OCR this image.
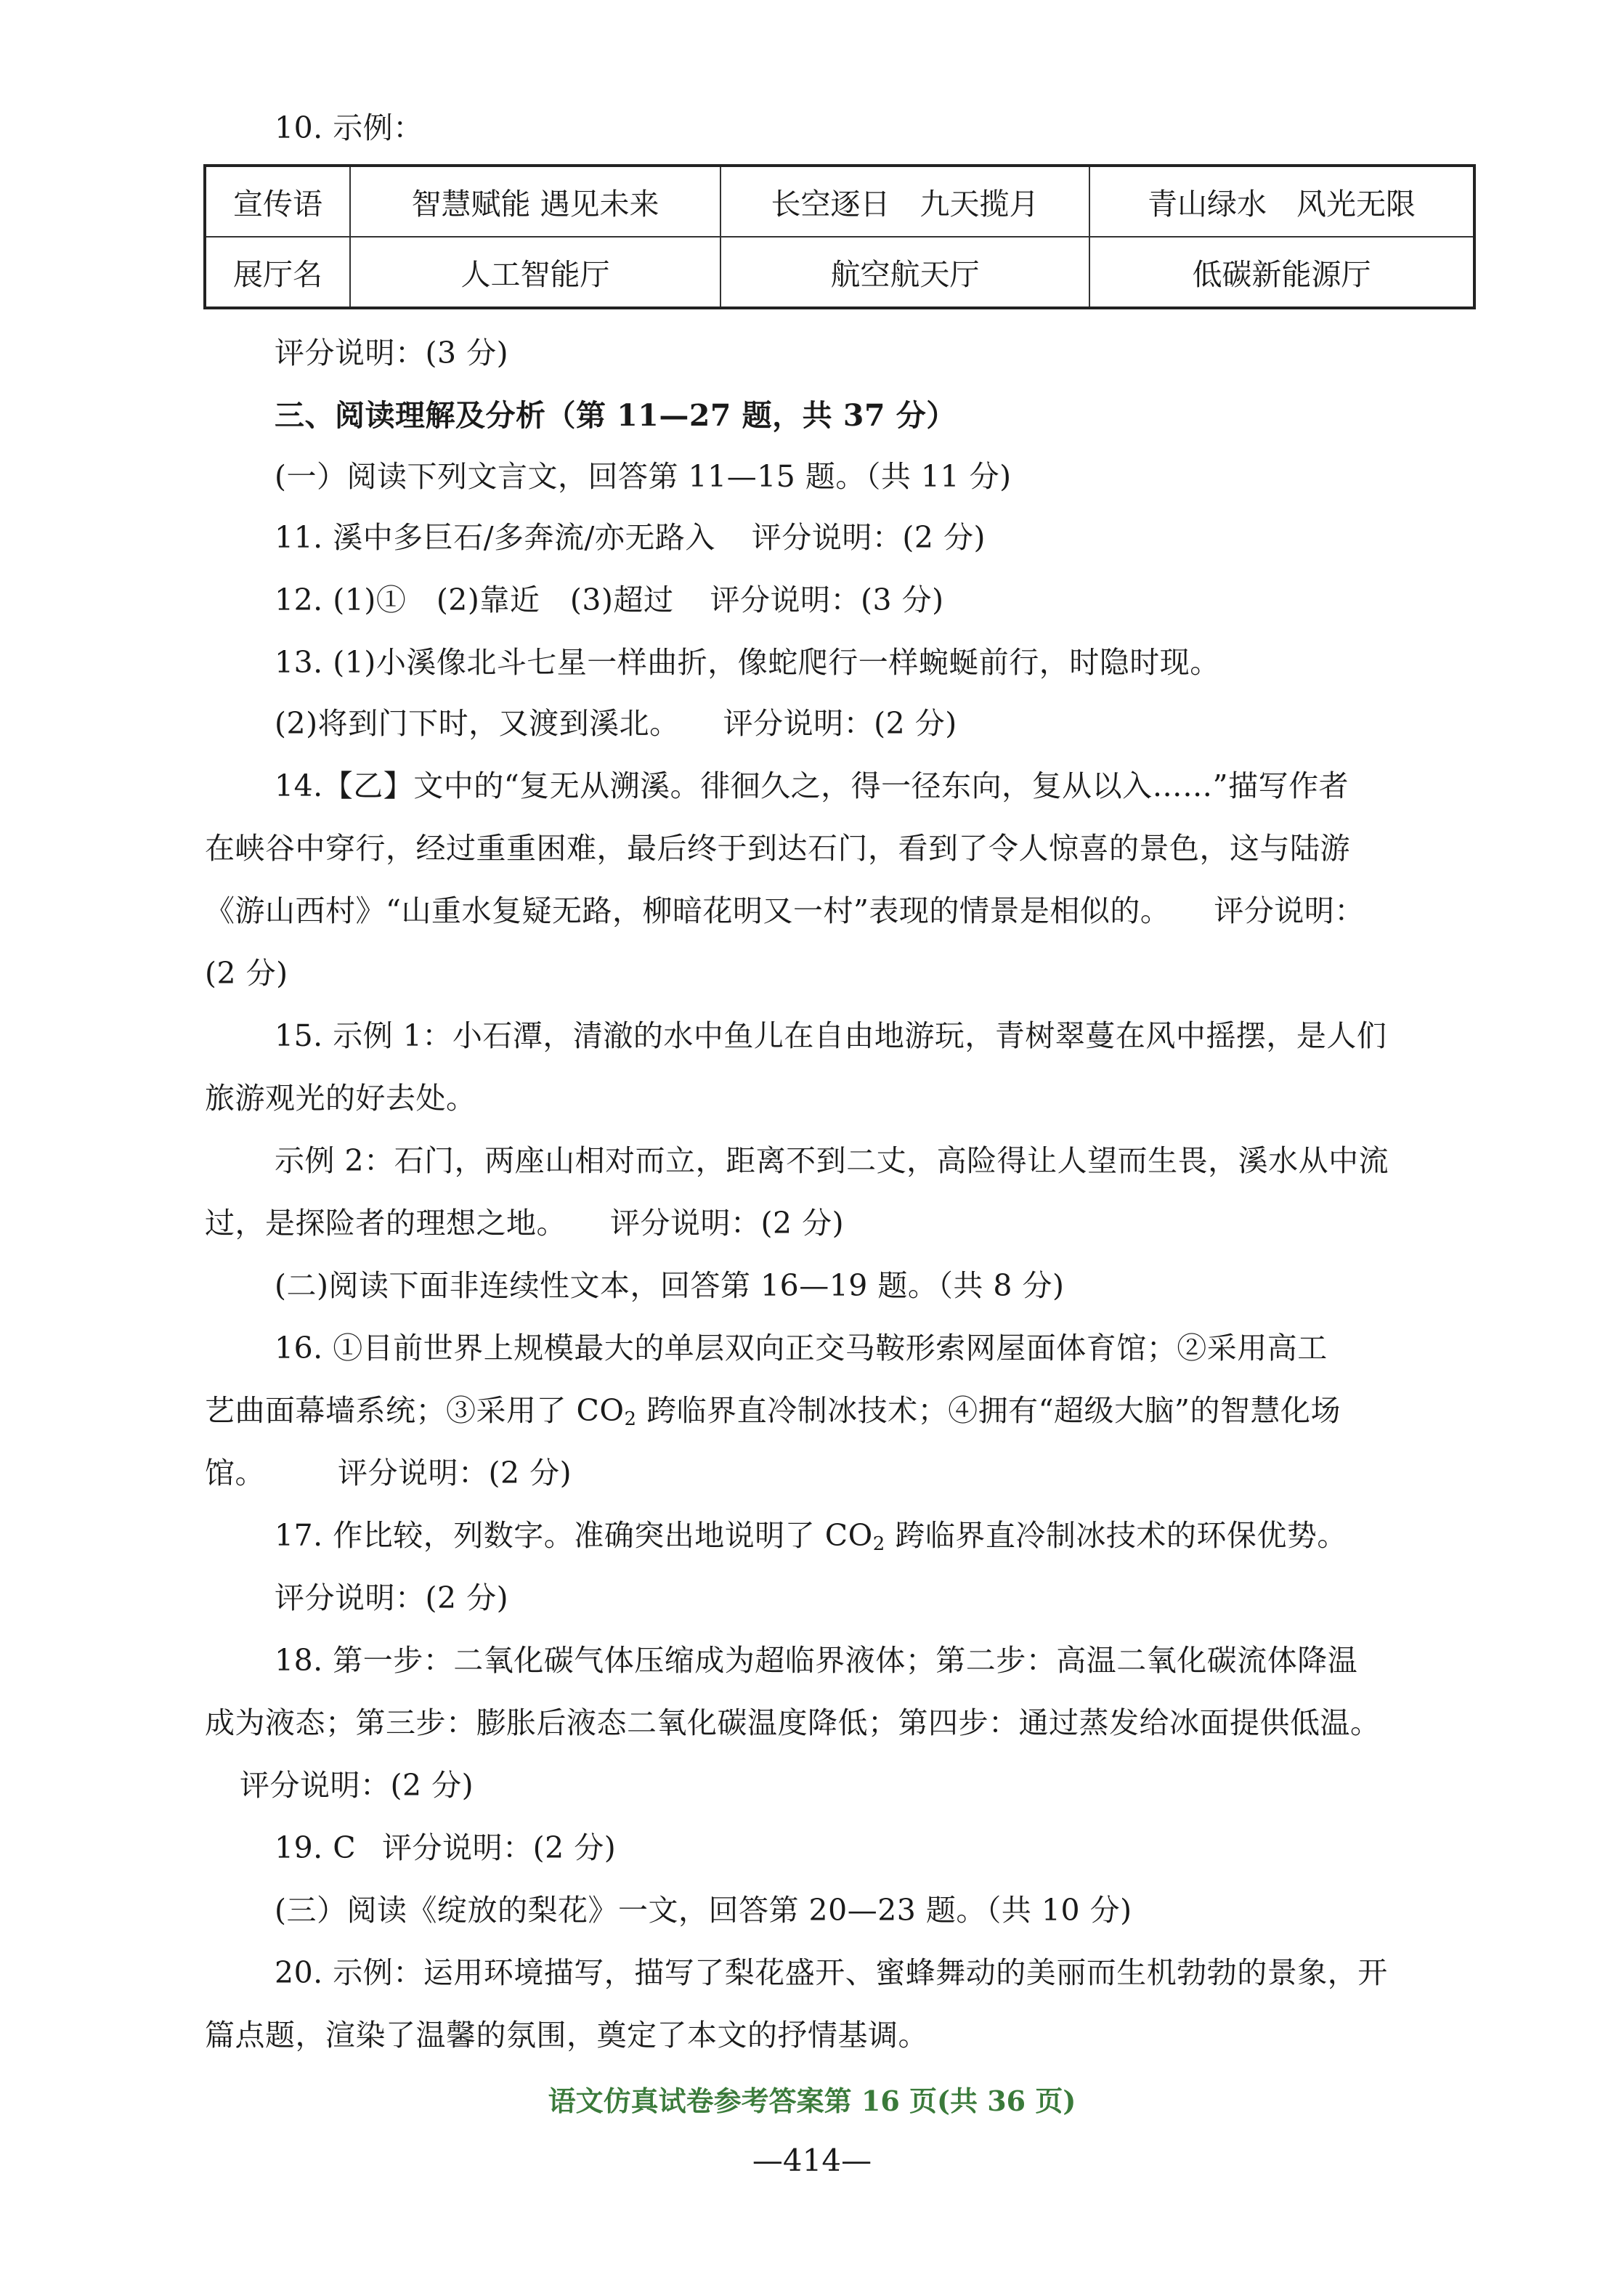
10. 示例：
宣传语	智慧赋能 遇见未来	长空逐日　九天揽月	青山绿水　风光无限
展厅名	人工智能厅	航空航天厅	低碳新能源厅
评分说明：(3 分)
三、阅读理解及分析（第 11—27 题，共 37 分）
(一）阅读下列文言文，回答第 11—15 题。（共 11 分)
11. 溪中多巨石/多奔流/亦无路入 评分说明：(2 分)
12. (1)①　(2)靠近　(3)超过 评分说明：(3 分)
13. (1)小溪像北斗七星一样曲折，像蛇爬行一样蜿蜒前行，时隐时现。
(2)将到门下时，又渡到溪北。 评分说明：(2 分)
14.【乙】文中的“复无从溯溪。徘徊久之，得一径东向，复从以入……”描写作者
在峡谷中穿行，经过重重困难，最后终于到达石门，看到了令人惊喜的景色，这与陆游
《游山西村》“山重水复疑无路，柳暗花明又一村”表现的情景是相似的。 评分说明：
(2 分)
15. 示例 1：小石潭，清澈的水中鱼儿在自由地游玩，青树翠蔓在风中摇摆，是人们
旅游观光的好去处。
示例 2：石门，两座山相对而立，距离不到二丈，高险得让人望而生畏，溪水从中流
过，是探险者的理想之地。 评分说明：(2 分)
(二)阅读下面非连续性文本，回答第 16—19 题。（共 8 分)
16. ①目前世界上规模最大的单层双向正交马鞍形索网屋面体育馆；②采用高工
艺曲面幕墙系统；③采用了 $CO_2$ 跨临界直冷制冰技术；④拥有“超级大脑”的智慧化场
馆。 评分说明：(2 分)
17. 作比较，列数字。准确突出地说明了 $CO_2$ 跨临界直冷制冰技术的环保优势。
评分说明：(2 分)
18. 第一步：二氧化碳气体压缩成为超临界液体；第二步：高温二氧化碳流体降温
成为液态；第三步：膨胀后液态二氧化碳温度降低；第四步：通过蒸发给冰面提供低温。
评分说明：(2 分)
19. C 评分说明：(2 分)
(三）阅读《绽放的梨花》一文，回答第 20—23 题。（共 10 分)
20. 示例：运用环境描写，描写了梨花盛开、蜜蜂舞动的美丽而生机勃勃的景象，开
篇点题，渲染了温馨的氛围，奠定了本文的抒情基调。
语文仿真试卷参考答案第 16 页(共 36 页)
—414—
